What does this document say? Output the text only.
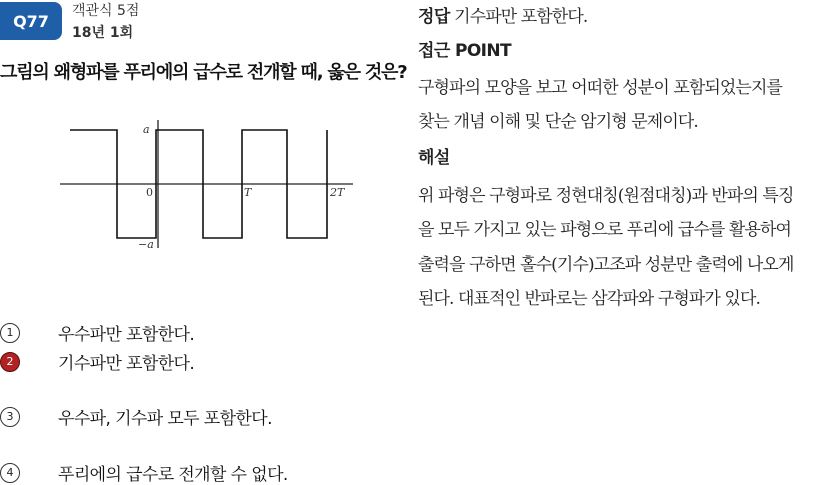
Q77
객관식 5점
18년 1회
그림의 왜형파를 푸리에의 급수로 전개할 때, 옳은 것은?
a
−a
0	T	2T
1	우수파만 포함한다.
2	기수파만 포함한다.
3	우수파, 기수파 모두 포함한다.
4	푸리에의 급수로 전개할 수 없다.
정답 기수파만 포함한다.
접근 POINT
구형파의 모양을 보고 어떠한 성분이 포함되었는지를
찾는 개념 이해 및 단순 암기형 문제이다.
해설
위 파형은 구형파로 정현대칭(원점대칭)과 반파의 특징
을 모두 가지고 있는 파형으로 푸리에 급수를 활용하여
출력을 구하면 홀수(기수)고조파 성분만 출력에 나오게
된다. 대표적인 반파로는 삼각파와 구형파가 있다.
